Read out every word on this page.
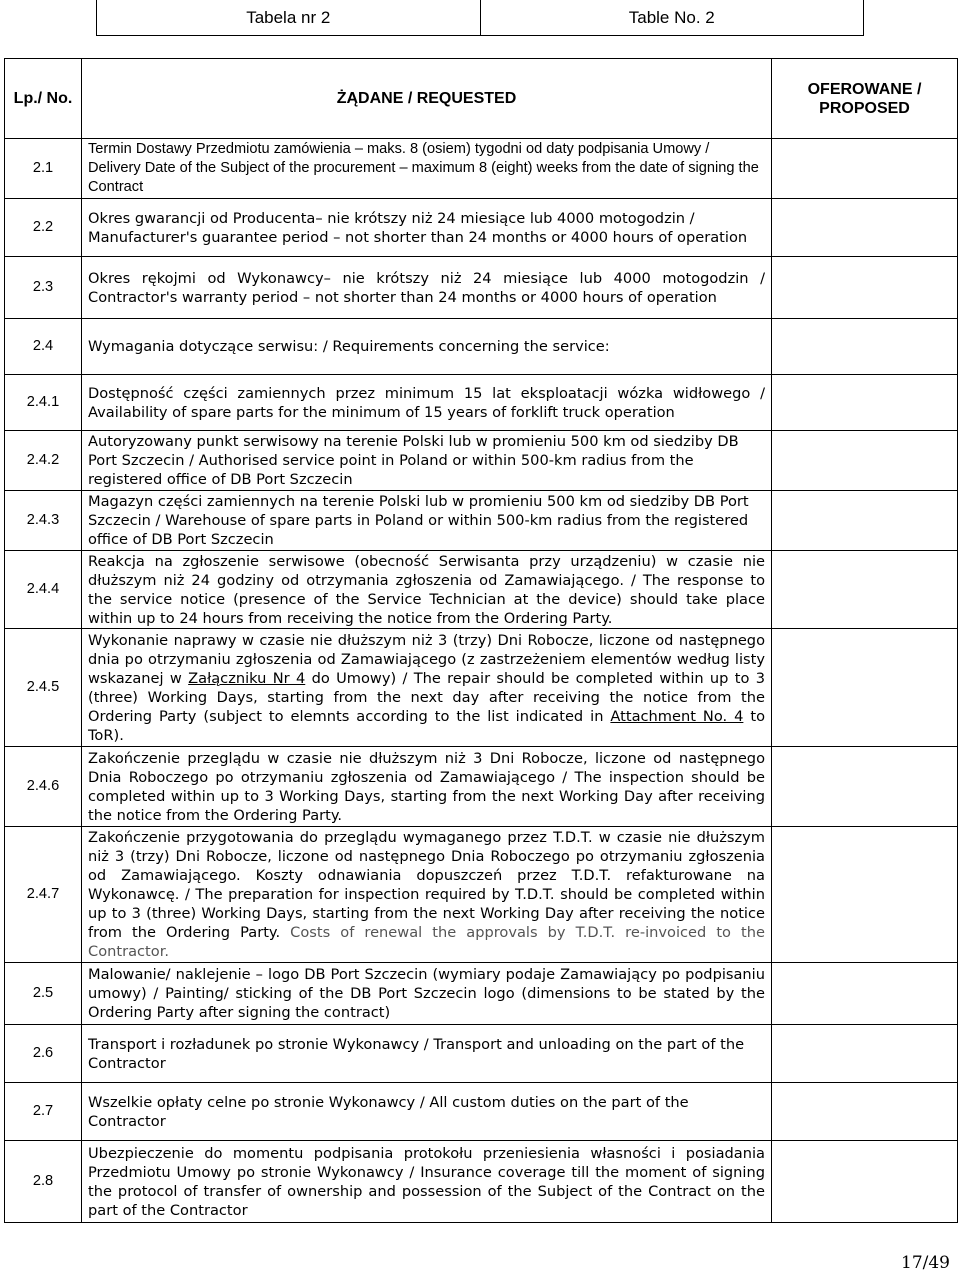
Tabela nr 2	Table No. 2
Lp./ No.	ŻĄDANE / REQUESTED	OFEROWANE / PROPOSED
2.1	Termin Dostawy Przedmiotu zamówienia – maks. 8 (osiem) tygodni od daty podpisania Umowy / Delivery Date of the Subject of the procurement – maximum 8 (eight) weeks from the date of signing the Contract	
2.2	Okres gwarancji od Producenta– nie krótszy niż 24 miesiące lub 4000 motogodzin / Manufacturer's guarantee period – not shorter than 24 months or 4000 hours of operation	
2.3	Okres rękojmi od Wykonawcy– nie krótszy niż 24 miesiące lub 4000 motogodzin / Contractor's warranty period – not shorter than 24 months or 4000 hours of operation	
2.4	Wymagania dotyczące serwisu: / Requirements concerning the service:	
2.4.1	Dostępność części zamiennych przez minimum 15 lat eksploatacji wózka widłowego / Availability of spare parts for the minimum of 15 years of forklift truck operation	
2.4.2	Autoryzowany punkt serwisowy na terenie Polski lub w promieniu 500 km od siedziby DB Port Szczecin / Authorised service point in Poland or within 500-km radius from the registered office of DB Port Szczecin	
2.4.3	Magazyn części zamiennych na terenie Polski lub w promieniu 500 km od siedziby DB Port Szczecin / Warehouse of spare parts in Poland or within 500-km radius from the registered office of DB Port Szczecin	
2.4.4	Reakcja na zgłoszenie serwisowe (obecność Serwisanta przy urządzeniu) w czasie nie dłuższym niż 24 godziny od otrzymania zgłoszenia od Zamawiającego. / The response to the service notice (presence of the Service Technician at the device) should take place within up to 24 hours from receiving the notice from the Ordering Party.	
2.4.5	Wykonanie naprawy w czasie nie dłuższym niż 3 (trzy) Dni Robocze, liczone od następnego dnia po otrzymaniu zgłoszenia od Zamawiającego (z zastrzeżeniem elementów według listy wskazanej w Załączniku Nr 4 do Umowy) / The repair should be completed within up to 3 (three) Working Days, starting from the next day after receiving the notice from the Ordering Party (subject to elemnts according to the list indicated in Attachment No. 4 to ToR).	
2.4.6	Zakończenie przeglądu w czasie nie dłuższym niż 3 Dni Robocze, liczone od następnego Dnia Roboczego po otrzymaniu zgłoszenia od Zamawiającego / The inspection should be completed within up to 3 Working Days, starting from the next Working Day after receiving the notice from the Ordering Party.	
2.4.7	Zakończenie przygotowania do przeglądu wymaganego przez T.D.T. w czasie nie dłuższym niż 3 (trzy) Dni Robocze, liczone od następnego Dnia Roboczego po otrzymaniu zgłoszenia od Zamawiającego. Koszty odnawiania dopuszczeń przez T.D.T. refakturowane na Wykonawcę. / The preparation for inspection required by T.D.T. should be completed within up to 3 (three) Working Days, starting from the next Working Day after receiving the notice from the Ordering Party. Costs of renewal the approvals by T.D.T. re-invoiced to the Contractor.	
2.5	Malowanie/ naklejenie – logo DB Port Szczecin (wymiary podaje Zamawiający po podpisaniu umowy) / Painting/ sticking of the DB Port Szczecin logo (dimensions to be stated by the Ordering Party after signing the contract)	
2.6	Transport i rozładunek po stronie Wykonawcy / Transport and unloading on the part of the Contractor	
2.7	Wszelkie opłaty celne po stronie Wykonawcy / All custom duties on the part of the Contractor	
2.8	Ubezpieczenie do momentu podpisania protokołu przeniesienia własności i posiadania Przedmiotu Umowy po stronie Wykonawcy / Insurance coverage till the moment of signing the protocol of transfer of ownership and possession of the Subject of the Contract on the part of the Contractor	
17/49
